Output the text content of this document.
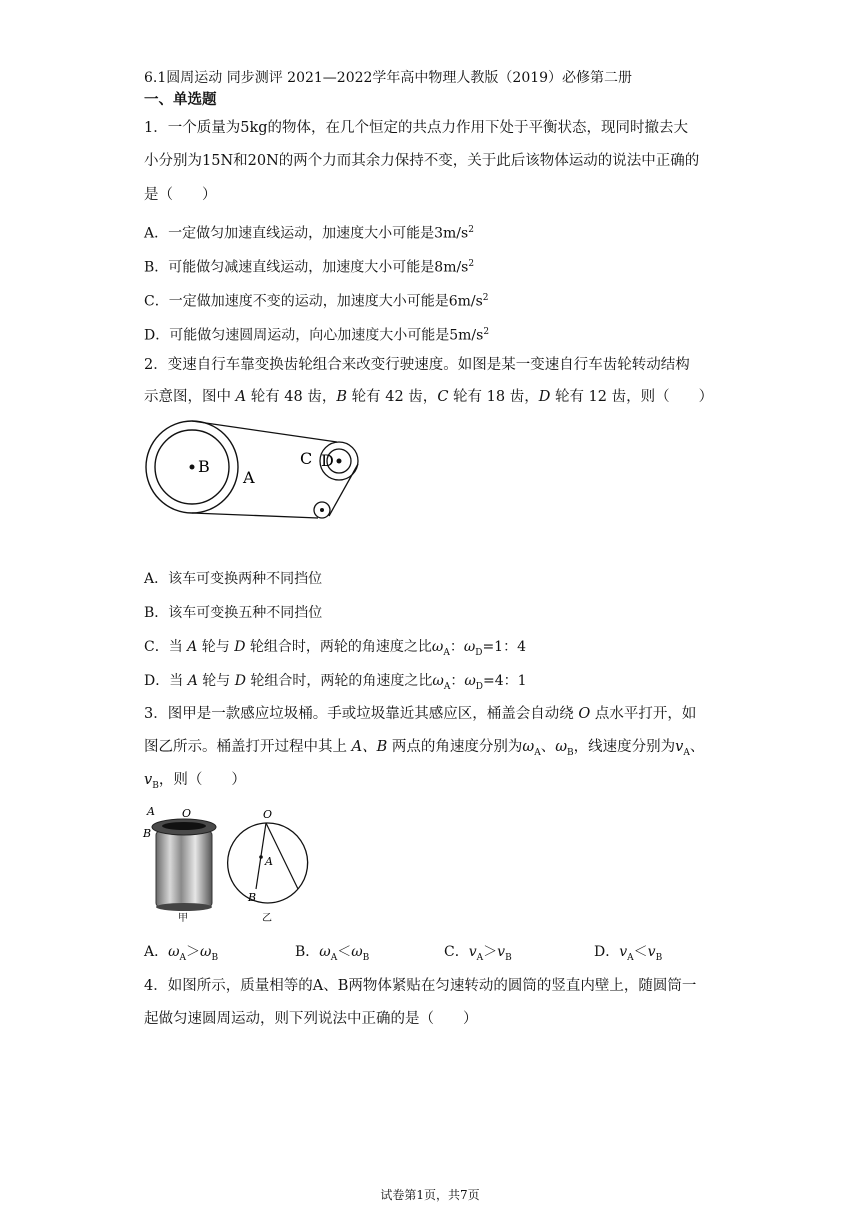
6.1圆周运动 同步测评 2021—2022学年高中物理人教版（2019）必修第二册
一、单选题
1．一个质量为5kg的物体，在几个恒定的共点力作用下处于平衡状态，现同时撤去大
小分别为15N和20N的两个力而其余力保持不变，关于此后该物体运动的说法中正确的
是（　　）
A．一定做匀加速直线运动，加速度大小可能是$3m/s^2$
B．可能做匀减速直线运动，加速度大小可能是$8m/s^2$
C．一定做加速度不变的运动，加速度大小可能是$6m/s^2$
D．可能做匀速圆周运动，向心加速度大小可能是$5m/s^2$
2．变速自行车靠变换齿轮组合来改变行驶速度。如图是某一变速自行车齿轮转动结构
示意图，图中 A 轮有 48 齿，B 轮有 42 齿，C 轮有 18 齿，D 轮有 12 齿，则（　　）
B
A
C D
A．该车可变换两种不同挡位
B．该车可变换五种不同挡位
C．当 A 轮与 D 轮组合时，两轮的角速度之比$\omega_A$：$\omega_D=1$：4
D．当 A 轮与 D 轮组合时，两轮的角速度之比$\omega_A$：$\omega_D=4$：1
3．图甲是一款感应垃圾桶。手或垃圾靠近其感应区，桶盖会自动绕 O 点水平打开，如
图乙所示。桶盖打开过程中其上 A、B 两点的角速度分别为$\omega_A$、$\omega_B$，线速度分别为$v_A$、
$v_B$，则（　　）
A O
B
甲
O
A
B
乙
A．$\omega_A>\omega_B$	B．$\omega_A<\omega_B$	C．$v_A>v_B$	D．$v_A<v_B$
4．如图所示，质量相等的A、B两物体紧贴在匀速转动的圆筒的竖直内壁上，随圆筒一
起做匀速圆周运动，则下列说法中正确的是（　　）
试卷第1页，共7页
